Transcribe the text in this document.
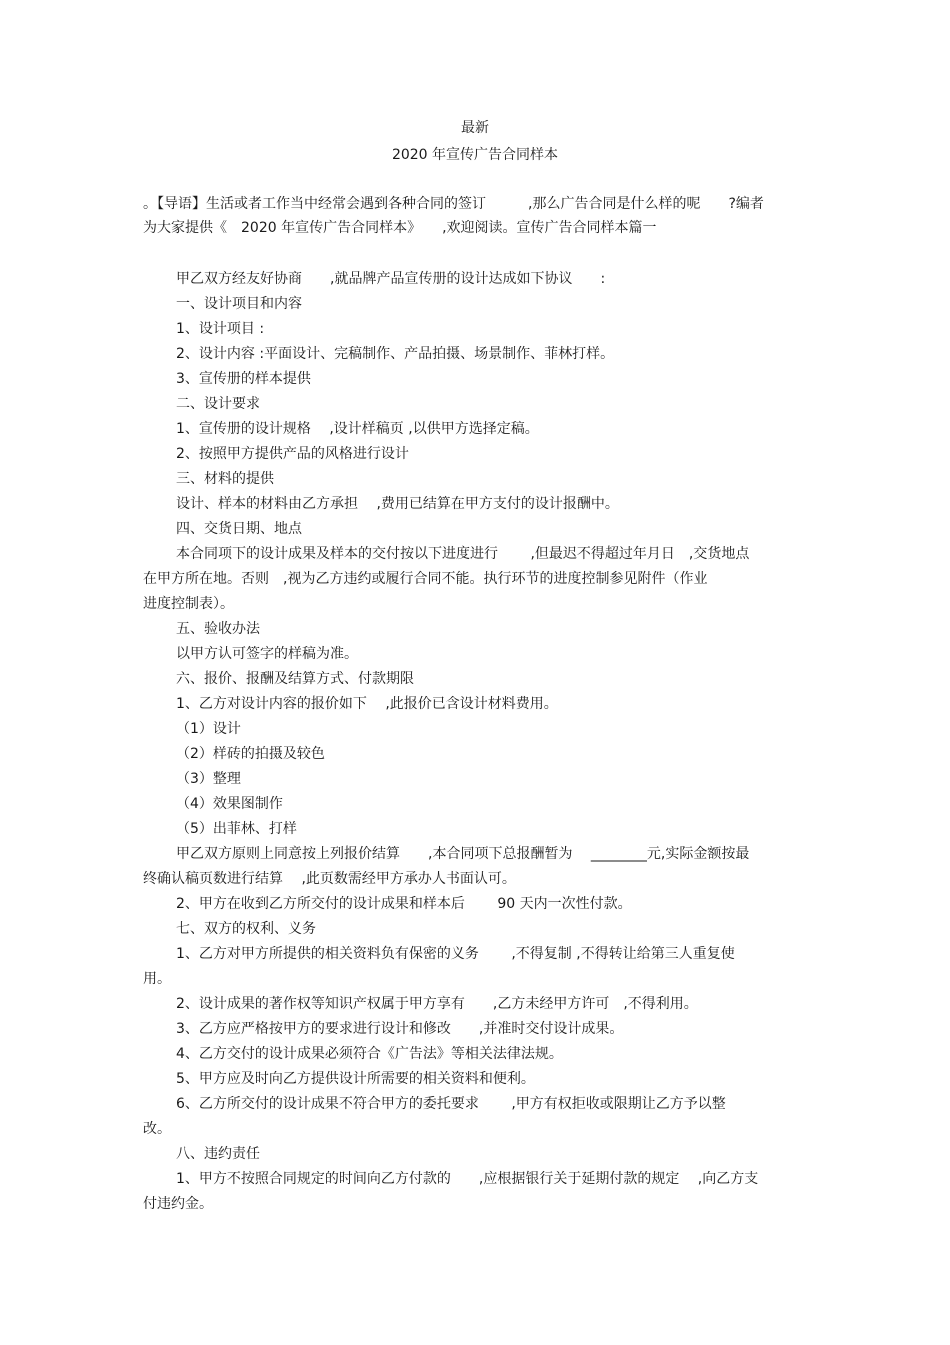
最新
2020 年宣传广告合同样本
。【导语】生活或者工作当中经常会遇到各种合同的签订　　　,那么广告合同是什么样的呢　　?编者
为大家提供《　2020 年宣传广告合同样本》　　,欢迎阅读。宣传广告合同样本篇一
甲乙双方经友好协商　　,就品牌产品宣传册的设计达成如下协议　　:
一、设计项目和内容
1、设计项目 :
2、设计内容 :平面设计、完稿制作、产品拍摄、场景制作、菲林打样。
3、宣传册的样本提供
二、设计要求
1、宣传册的设计规格　 ,设计样稿页 ,以供甲方选择定稿。
2、按照甲方提供产品的风格进行设计
三、材料的提供
设计、样本的材料由乙方承担　 ,费用已结算在甲方支付的设计报酬中。
四、交货日期、地点
本合同项下的设计成果及样本的交付按以下进度进行　　 ,但最迟不得超过年月日　,交货地点
在甲方所在地。否则　,视为乙方违约或履行合同不能。执行环节的进度控制参见附件（作业
进度控制表）。
五、验收办法
以甲方认可签字的样稿为准。
六、报价、报酬及结算方式、付款期限
1、乙方对设计内容的报价如下　 ,此报价已含设计材料费用。
（1）设计
（2）样砖的拍摄及较色
（3）整理
（4）效果图制作
（5）出菲林、打样
甲乙双方原则上同意按上列报价结算　　,本合同项下总报酬暂为　 ________元,实际金额按最
终确认稿页数进行结算　 ,此页数需经甲方承办人书面认可。
2、甲方在收到乙方所交付的设计成果和样本后　　 90 天内一次性付款。
七、双方的权利、义务
1、乙方对甲方所提供的相关资料负有保密的义务　　 ,不得复制 ,不得转让给第三人重复使
用。
2、设计成果的著作权等知识产权属于甲方享有　　,乙方未经甲方许可　,不得利用。
3、乙方应严格按甲方的要求进行设计和修改　　,并准时交付设计成果。
4、乙方交付的设计成果必须符合《广告法》等相关法律法规。
5、甲方应及时向乙方提供设计所需要的相关资料和便利。
6、乙方所交付的设计成果不符合甲方的委托要求　　 ,甲方有权拒收或限期让乙方予以整
改。
八、违约责任
1、甲方不按照合同规定的时间向乙方付款的　　,应根据银行关于延期付款的规定　 ,向乙方支
付违约金。
